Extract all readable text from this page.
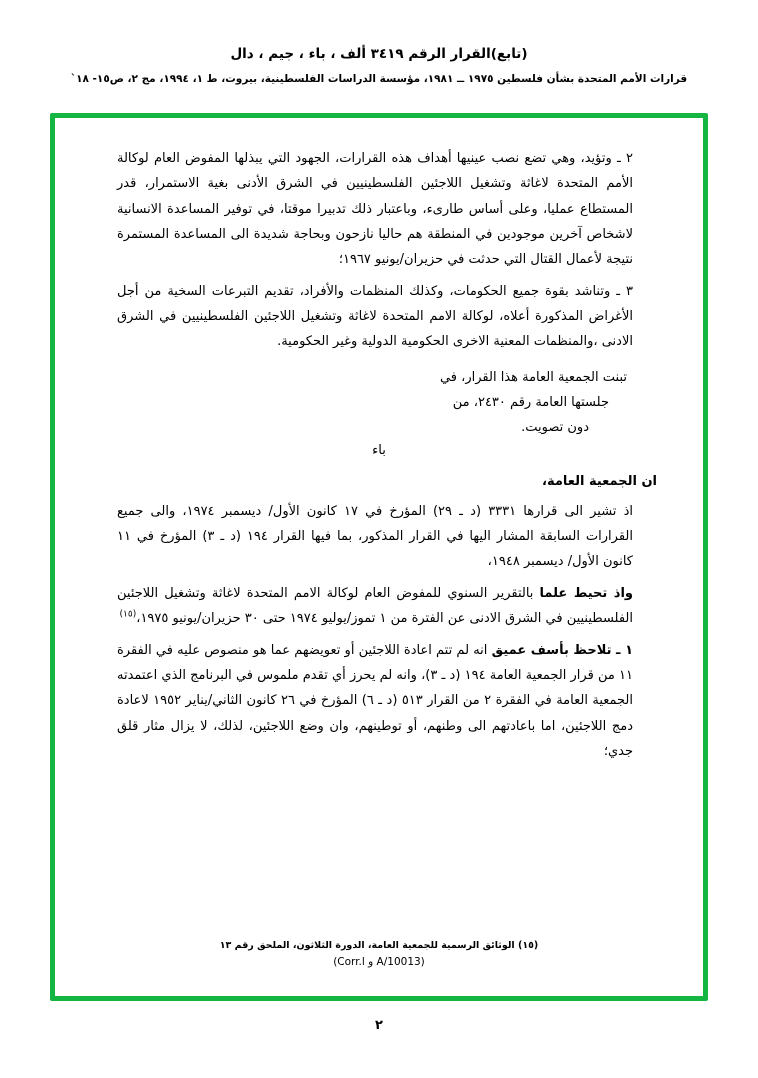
(تابع)القرار الرقم ٣٤١٩ ألف ، باء ، جيم ، دال
قرارات الأمم المتحدة بشأن فلسطين ١٩٧٥ ــ ١٩٨١، مؤسسة الدراسات الفلسطينية، بيروت، ط ١، ١٩٩٤، مج ٢، ص١٥- ١٨`

٢ ـ وتؤيد، وهي تضع نصب عينيها أهداف هذه القرارات، الجهود التي يبذلها المفوض العام لوكالة الأمم المتحدة لاغاثة وتشغيل اللاجئين الفلسطينيين في الشرق الأدنى بغية الاستمرار، قدر المستطاع عمليا، وعلى أساس طارىء، وباعتبار ذلك تدبيرا موقتا، في توفير المساعدة الانسانية لاشخاص آخرين موجودين في المنطقة هم حاليا نازحون وبحاجة شديدة الى المساعدة المستمرة نتيجة لأعمال القتال التي حدثت في حزيران/يونيو ١٩٦٧؛

٣ ـ وتناشد بقوة جميع الحكومات، وكذلك المنظمات والأفراد، تقديم التبرعات السخية من أجل الأغراض المذكورة أعلاه، لوكالة الامم المتحدة لاغاثة وتشغيل اللاجئين الفلسطينيين في الشرق الادنى ،والمنظمات المعنية الاخرى الحكومية الدولية وغير الحكومية.

تبنت الجمعية العامة هذا القرار، في
جلستها العامة رقم ٢٤٣٠، من
دون تصويت.
باء
ان الجمعية العامة،

اذ تشير الى قرارها ٣٣٣١ (د ـ ٢٩) المؤرخ في ١٧ كانون الأول/ ديسمبر ١٩٧٤، والى جميع القرارات السابقة المشار اليها في القرار المذكور، بما فيها القرار ١٩٤ (د ـ ٣) المؤرخ في ١١ كانون الأول/ ديسمبر ١٩٤٨،

واذ تحيط علما بالتقرير السنوي للمفوض العام لوكالة الامم المتحدة لاغاثة وتشغيل اللاجئين الفلسطينيين في الشرق الادنى عن الفترة من ١ تموز/يوليو ١٩٧٤ حتى ٣٠ حزيران/يونيو ١٩٧٥،$^{(١٥)}$

١ ـ تلاحظ بأسف عميق انه لم تتم اعادة اللاجئين أو تعويضهم عما هو منصوص عليه في الفقرة ١١ من قرار الجمعية العامة ١٩٤ (د ـ ٣)، وانه لم يحرز أي تقدم ملموس في البرنامج الذي اعتمدته الجمعية العامة في الفقرة ٢ من القرار ٥١٣ (د ـ ٦) المؤرخ في ٢٦ كانون الثاني/يناير ١٩٥٢ لاعادة دمج اللاجئين، اما باعادتهم الى وطنهم، أو توطينهم، وان وضع اللاجئين، لذلك، لا يزال مثار قلق جدي؛

(١٥) الوثائق الرسمية للجمعية العامة، الدورة الثلاثون، الملحق رقم ١٣

(Corr.l و A/10013)

٢
